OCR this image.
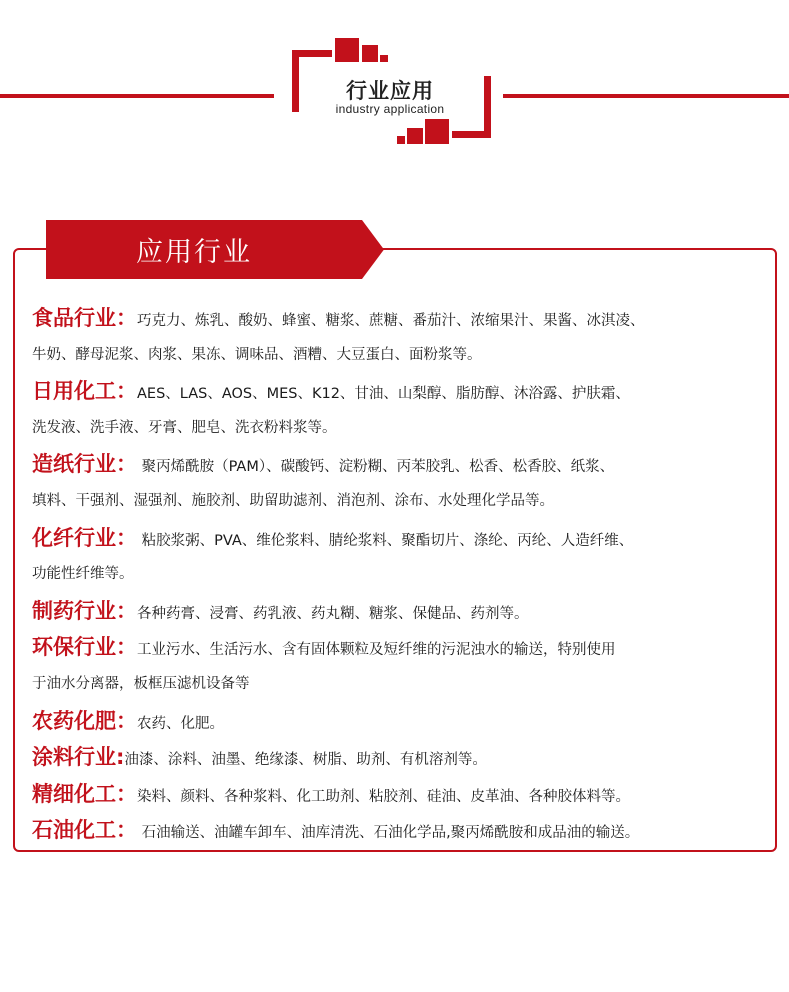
行业应用
industry application
应用行业
食品行业：巧克力、炼乳、酸奶、蜂蜜、糖浆、蔗糖、番茄汁、浓缩果汁、果酱、冰淇凌、
牛奶、酵母泥浆、肉浆、果冻、调味品、酒糟、大豆蛋白、面粉浆等。
日用化工：AES、LAS、AOS、MES、K12、甘油、山梨醇、脂肪醇、沐浴露、护肤霜、
洗发液、洗手液、牙膏、肥皂、洗衣粉料浆等。
造纸行业： 聚丙烯酰胺（PAM）、碳酸钙、淀粉糊、丙苯胶乳、松香、松香胶、纸浆、
填料、干强剂、湿强剂、施胶剂、助留助滤剂、消泡剂、涂布、水处理化学品等。
化纤行业： 粘胶浆粥、PVA、维伦浆料、腈纶浆料、聚酯切片、涤纶、丙纶、人造纤维、
功能性纤维等。
制药行业：各种药膏、浸膏、药乳液、药丸糊、糖浆、保健品、药剂等。
环保行业：工业污水、生活污水、含有固体颗粒及短纤维的污泥浊水的输送，特别使用
于油水分离器，板框压滤机设备等
农药化肥：农药、化肥。
涂料行业:油漆、涂料、油墨、绝缘漆、树脂、助剂、有机溶剂等。
精细化工：染料、颜料、各种浆料、化工助剂、粘胶剂、硅油、皮革油、各种胶体料等。
石油化工： 石油输送、油罐车卸车、油库清洗、石油化学品,聚丙烯酰胺和成品油的输送。
